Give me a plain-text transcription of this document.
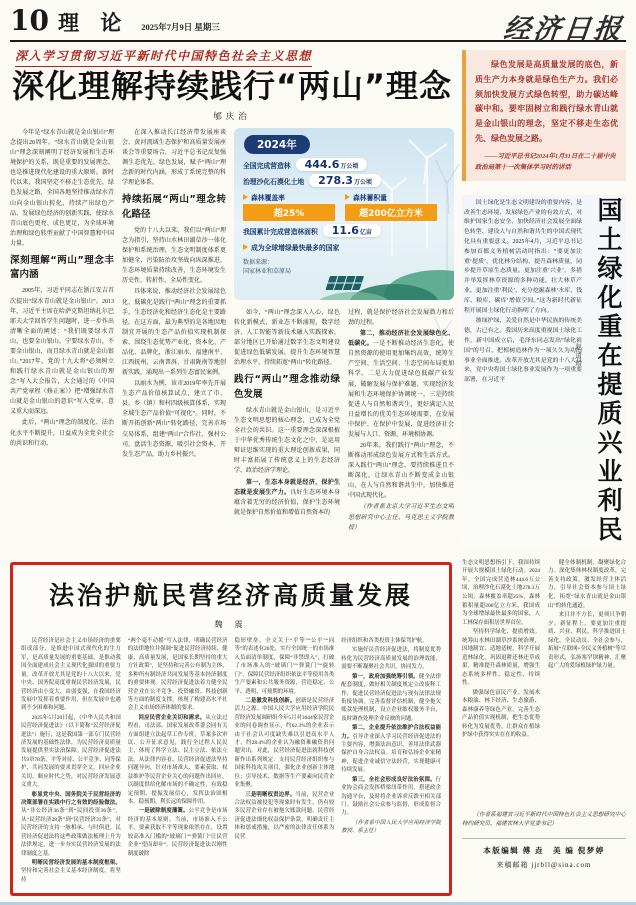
10 理 论 2025年7月9日 星期三	经济日报
深入学习贯彻习近平新时代中国特色社会主义思想
深化理解持续践行“两山”理念
郇庆治

今年是“绿水青山就是金山银山”理念提出20周年。“绿水青山就是金山银山”理念深刻阐明了经济发展和生态环境保护的关系，既是重要的发展理念，也是推进现代化建设的重大原则。新时代以来，我国坚定不移走生态优先、绿色发展之路，全国各地坚持推动绿水青山向金山银山转化，持续产出绿色产品、发展绿色经济的创新实践，使绿水青山底色更亮、成色更足，为全球环境治理和绿色转型贡献了中国智慧和中国力量。

深刻理解“两山”理念丰富内涵

2005年，习近平同志在浙江安吉首次提出“绿水青山就是金山银山”。2013年，习近平主席在哈萨克斯坦纳扎尔巴耶夫大学回答学生问题时，进一步作出清晰全面的阐述：“我们既要绿水青山，也要金山银山。宁要绿水青山，不要金山银山，而且绿水青山就是金山银山。”2017年，党的十九大将“必须树立和践行绿水青山就是金山银山的理念”写入大会报告，大会通过的《中国共产党章程（修正案）》把“增强绿水青山就是金山银山的意识”写入党章，意义重大而深远。

此后，“两山”理念的制度化、法治化水平不断提升，日益成为全党全社会的共识和行动。

在深入推动长江经济带发展座谈会、黄河流域生态保护和高质量发展座谈会等重要场合，习近平总书记反复强调生态优先、绿色发展，赋予“两山”理念新的时代内涵，形成了系统完整的科学理论体系。

持续拓展“两山”理念转化路径

党的十八大以来，我们以“两山”理念为指引，坚持山水林田湖草沙一体化保护和系统治理，生态文明制度体系更加健全，污染防治攻坚战向纵深推进，生态环境质量持续改善，生态环境发生历史性、转折性、全局性变化。

具体来说，推动经济社会发展绿色化、低碳化是践行“两山”理念的重要抓手，生态经济化和经济生态化是主要路径。在这方面，最为典型的是各地因地制宜开展的生态产品价值实现机制探索，围绕生态优势产业化、资本化、产品化、品牌化，浙江丽水、福建南平、江西抚州、云南普洱、甘肃陇南等地创新实践，涌现出一系列生态富民案例。

以丽水为例，该市2019年率先开展生态产品价值核算试点，建立了市、县、乡（镇）和村四级核算体系，实现全域生态产品价值“可视化”。同时，不断开拓创新“两山”转化路径，完善市场交易体系，组建“两山”合作社、强村公司，盘活生态资源，吸引社会资本，开发生态产品，助力乡村振兴。

2024年
全国完成营造林 444.6 万公顷
治理沙化石漠化土地 278.3 万公顷
森林覆盖率
超25%
森林蓄积量
超200亿立方米
我国累计完成营造林面积 11.6 亿亩
成为全球增绿最快最多的国家
数据来源：
国家林业和草原局

如今，“两山”理念深入人心，绿色转化新模式、新业态不断涌现，数字经济、人工智能等新技术融入实践探索，部分地区已开始通过数字生态文明建设促进绿色低碳发展，提升生态环境智慧治理水平，持续拓宽“两山”转化路径。

践行“两山”理念推动绿色发展

绿水青山就是金山银山，是习近平生态文明思想的核心理念，已成为全党全社会的共识。这一重要理念深深根植于中华优秀传统生态文化之中，是运用辩证思维实现的重大理论创新成果，同时丰富拓展了传统意义上的生态经济学、政治经济学理论。

第一，生态本身就是经济，保护生态就是发展生产力。良好生态环境本身蕴含着无穷的经济价值，保护生态环境就是保护自然价值和增值自然资本的

过程，就是保护经济社会发展潜力和后劲的过程。

第二，推动经济社会发展绿色化、低碳化。一是不断推动经济生态化，使自然资源的使用更加集约高效，统筹生产空间、生活空间、生态空间布局更加科学。二是大力促进绿色低碳产业发展，破解发展与保护难题，实现经济发展和生态环境保护协调统一。三是持续促进人与自然和谐共生，更好满足人民日益增长的优美生态环境需要，在发展中保护、在保护中发展，促进经济社会发展与人口、资源、环境相协调。

20年来，我们践行“两山”理念，不断推动形成绿色发展方式和生活方式。深入践行“两山”理念，要持续推进且不断深化，让绿水青山不断变成金山银山，在人与自然和谐共生中，加快推进中国式现代化。

（作者系北京大学习近平生态文明思想研究中心主任、马克思主义学院教授）

法治护航民营经济高质量发展
魏 震

民营经济是社会主义市场经济的重要组成部分，是推进中国式现代化的生力军，是高质量发展的重要基础，是推动我国全面建成社会主义现代化强国的重要力量。改革开放尤其是党的十八大以来，党中央、国务院高度重视民营经济发展，民营经济由小变大、由弱变强，在我国经济发展中发挥着重要作用，但在发展中也遇到不少困难和问题。

2025年5月20日起，《中华人民共和国民营经济促进法》（以下简称“民营经济促进法”）施行，这是我国第一部专门民营经济发展的基础性法律，为民营经济高质量发展提供坚实法治保障。民营经济促进法共9章78条，平等对待、公平竞争、同等保护、共同发展的要求贯穿全文，回应企业关切、顺应时代之势，对民营经济发展意义重大。

彰显党中央、国务院关于民营经济的决策部署在实践中行之有效的经验做法。从“非公经济36条”到“民间投资36条”，从“民营经济28条”到“民营经济31条”，对民营经济的支持一脉相承、与时俱进。民营经济促进法将这些政策做法梳理上升为法律规定，进一步夯实民营经济发展的法律制度之基。

明晰民营经济发展的基本制度框架。坚持和完善社会主义基本经济制度，将坚持

“两个毫不动摇”写入法律，明确民营经济的法律地位并强调“促进民营经济持续、健康、高质量发展，是国家长期坚持的重大方针政策”，是坚持和完善公有制为主体、多种所有制经济共同发展等基本经济制度的重要体现。民营经济促进法着力健全民营企业在公平竞争、投资融资、科技创新等方面的制度支撑，体现了构建高水平社会主义市场经济体制的要求。

回应民营企业关切和需求。从立法过程看，司法部、国家发展改革委会同有关方面组建立法起草工作专班，草案多次审议、公开征求意见，践行全过程人民民主，体现了科学立法、民主立法、依法立法。从法律内容看，民营经济促进法坚持问题导向，针对市场准入、要素获取、权益维护等民营企业关心的问题作出回应，以制度供给化解市场的不确定性，有效稳定预期、提振发展信心，发挥法治固根本、稳预期、利长远的保障作用。

一是破除制度藩篱。公平竞争是市场经济的基本原则。当前，市场准入不公平、要素获取不平等现象依然存在，设置较高准入门槛的“玻璃门”“弹簧门”让民营企业“望而却步”。民营经济促进法以刚性制度破除

隐形壁垒，全文关于“平等”“公平”“同等”的表述有26处，实行全国统一的市场准入负面清单制度，保障“非禁即入”，打破了市场准入的“玻璃门”“弹簧门”“旋转门”，保障民营经济组织依法平等使用各类生产要素和公共服务资源，营造稳定、公平、透明、可预期的环境。

二是激发科技创新。创新是民营经济活力之源。中国人民大学应用经济学院民营经济发展调研组今年5月对3644家民营企业的问卷调查显示，约62.3%的企业表示由于社会认可度缺失难以引进高水平人才，约28.4%的企业认为融资难融资贵问题突出。对此，民营经济促进法就科技创新作出系列规定：支持民营经济组织参与国家科技攻关项目，强化企业创新主体地位；引导技术、数据等生产要素向民营企业集聚。

三是明晰权责边界。当前，民营企业合法权益被侵犯等现象时有发生，仍有较多民营企业存在被拖欠账款问题。民营经济促进法细化权益保护条款，明确责任主体和惩戒措施，以严密的法律责任体系为民营

经济组织和各类投资主体保驾护航。

实施好民营经济促进法，将制度优势转化为民营经济高质量发展的治理效能，需要不断凝聚社会共识，协同发力。

第一，政府加强统筹引领。健全法律配套制度，做好相关制度规定立改废释工作，促进民营经济促进法与现有法律法规衔接协调。完善监督评估机制，健全拖欠账款处理机制，设立企业维权服务平台，及时调查处理企业反映的问题。

第二，企业提升依法维护合法权益能力。引导企业深入学习民营经济促进法的主要内容，增强法治意识，善用法律武器保护自身合法权益。培育和弘扬企业家精神，促进企业诚信守法经营，实现健康可持续发展。

第三，全社会形成良好法治氛围。行业协会商会发挥桥梁纽带作用，搭建政企沟通平台，及时将企业诉求反馈至相关部门。鼓励社会公众参与监督，形成监督合力。

（作者系中国人民大学应用经济学院教授、系主任）

绿色发展是高质量发展的底色，新质生产力本身就是绿色生产力。我们必须加快发展方式绿色转型，助力碳达峰碳中和。要牢固树立和践行绿水青山就是金山银山的理念，坚定不移走生态优先、绿色发展之路。
——习近平总书记2024年1月31日在二十届中央政治局第十一次集体学习时的讲话

国土绿化是生态文明建设的重要内容，是改善生态环境、发展绿色产业的有效方式，对维护国家生态安全、加快经济社会发展全面绿色转型、建设人与自然和谐共生的中国式现代化具有重要意义。2025年4月，习近平总书记参加首都义务植树活动时指出：“要更加注重‘提质’，优化林分结构，提升森林质量，同步提升草原生态质量。更加注重‘兴业’，多措并举发挥林草资源的多种功能，壮大林草产业。更加注重‘利民’，充分挖掘森林‘水库、钱库、粮库、碳库’增值空间。”这为新时代新征程开展国土绿化行动指明了方向。

披绿护绿、关爱自然是中华民族的传统美德，古已有之。我国历来高度重视国土绿化工作，新中国成立后，毛泽东同志发出“绿化祖国”的号召，把植树造林作为一项久久为功的事业全面推进。改革开放尤其是党的十八大以来，党中央将国土绿化事业发展作为一项重要部署，在习近平

赵清培 国土绿化重在提质兴业利民

生态文明思想指引下，我国持续开展大规模国土绿化行动。2024年，全国完成营造林444.6万公顷，治理沙化石漠化土地278.3万公顷，森林覆盖率超25%，森林蓄积量超200亿立方米，我国成为全球增绿最快最多的国家，人工林保存面积居世界首位。

坚持科学绿化、提质增效。统筹山水林田湖草沙系统治理，因地制宜、适地适树，科学开展造林绿化，巩固退耕还林还草成果，精准提升森林质量，增强生态系统多样性、稳定性、持续性。

做强绿色富民产业。发展木本粮油、林下经济、生态旅游、森林康养等绿色产业，完善生态产品价值实现机制，把生态优势转化为发展优势，让群众在植绿护绿中获得实实在在的收益。

健全体制机制，凝聚绿化合力。深化集体林权制度改革，完善支持政策，激发经营主体活力，引导社会资本参与国土绿化，拓宽“绿水青山就是金山银山”的转化通道。

来日并不方长，更须只争朝夕。新征程上，要更加注重提质、兴业、利民，科学推进国土绿化，全民动员、全社会参与，拓展“互联网+全民义务植树”等尽责形式，弘扬塞罕坝精神，汇聚起广大的爱绿植绿护绿力量。

（作者系福建省习近平新时代中国特色社会主义思想研究中心特约研究员、福建农林大学党委书记）
本版编辑 傅 垚　美 编 倪梦婷
来稿邮箱 jjrbll@sina.com
